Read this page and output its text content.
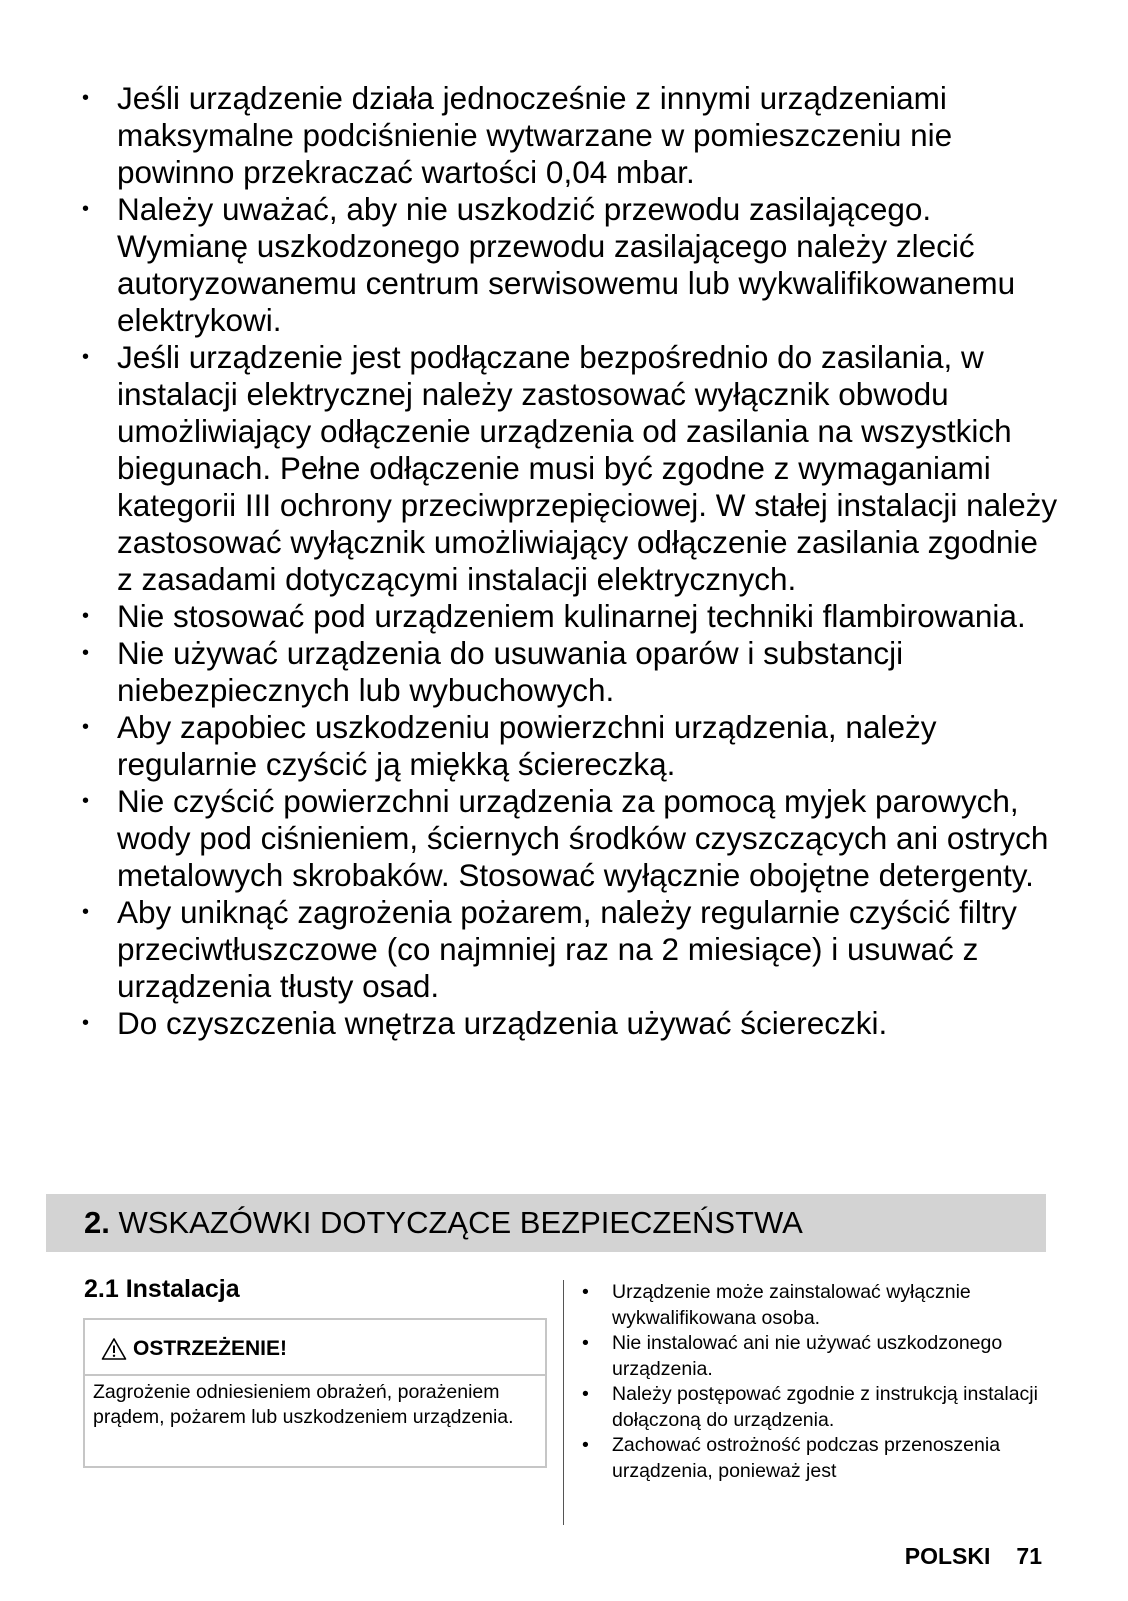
• Jeśli urządzenie działa jednocześnie z innymi urządzeniami maksymalne podciśnienie wytwarzane w pomieszczeniu nie powinno przekraczać wartości 0,04 mbar.
• Należy uważać, aby nie uszkodzić przewodu zasilającego. Wymianę uszkodzonego przewodu zasilającego należy zlecić autoryzowanemu centrum serwisowemu lub wykwalifikowanemu elektrykowi.
• Jeśli urządzenie jest podłączane bezpośrednio do zasilania, w instalacji elektrycznej należy zastosować wyłącznik obwodu umożliwiający odłączenie urządzenia od zasilania na wszystkich biegunach. Pełne odłączenie musi być zgodne z wymaganiami kategorii III ochrony przeciwprzepięciowej. W stałej instalacji należy zastosować wyłącznik umożliwiający odłączenie zasilania zgodnie z zasadami dotyczącymi instalacji elektrycznych.
• Nie stosować pod urządzeniem kulinarnej techniki flambirowania.
• Nie używać urządzenia do usuwania oparów i substancji niebezpiecznych lub wybuchowych.
• Aby zapobiec uszkodzeniu powierzchni urządzenia, należy regularnie czyścić ją miękką ściereczką.
• Nie czyścić powierzchni urządzenia za pomocą myjek parowych, wody pod ciśnieniem, ściernych środków czyszczących ani ostrych metalowych skrobaków. Stosować wyłącznie obojętne detergenty.
• Aby uniknąć zagrożenia pożarem, należy regularnie czyścić filtry przeciwtłuszczowe (co najmniej raz na 2 miesiące) i usuwać z urządzenia tłusty osad.
• Do czyszczenia wnętrza urządzenia używać ściereczki.
2. WSKAZÓWKI DOTYCZĄCE BEZPIECZEŃSTWA
2.1 Instalacja
OSTRZEŻENIE!
Zagrożenie odniesieniem obrażeń, porażeniem prądem, pożarem lub uszkodzeniem urządzenia.
• Urządzenie może zainstalować wyłącznie wykwalifikowana osoba.
• Nie instalować ani nie używać uszkodzonego urządzenia.
• Należy postępować zgodnie z instrukcją instalacji dołączoną do urządzenia.
• Zachować ostrożność podczas przenoszenia urządzenia, ponieważ jest
POLSKI 71
